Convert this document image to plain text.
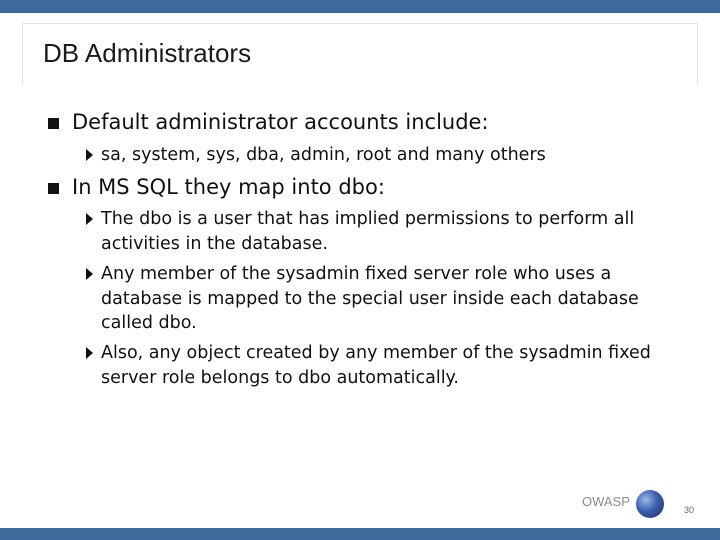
DB Administrators
Default administrator accounts include:
sa, system, sys, dba, admin, root and many others
In MS SQL they map into dbo:
The dbo is a user that has implied permissions to perform all activities in the database.
Any member of the sysadmin fixed server role who uses a database is mapped to the special user inside each database called dbo.
Also, any object created by any member of the sysadmin fixed server role belongs to dbo automatically.
OWASP
30
